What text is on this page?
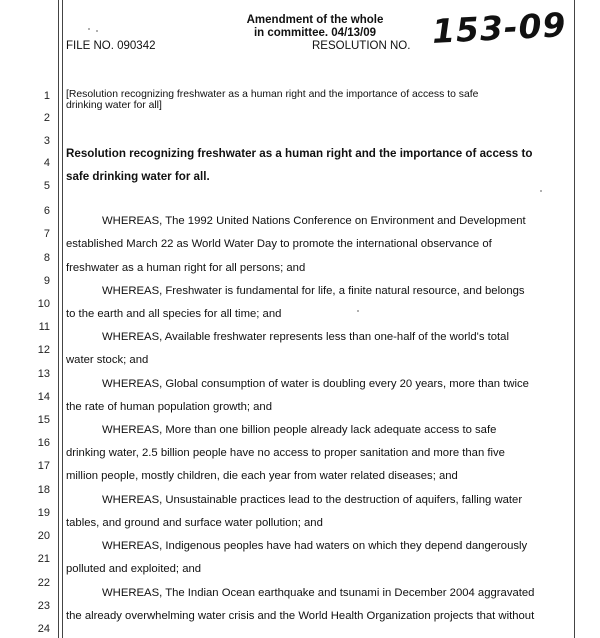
Amendment of the whole
in committee. 04/13/09
FILE NO. 090342	RESOLUTION NO. 153-09
1
2
3
4
5
6
7
8
9
10
11
12
13
14
15
16
17
18
19
20
21
22
23
24
[Resolution recognizing freshwater as a human right and the importance of access to safe
drinking water for all]
Resolution recognizing freshwater as a human right and the importance of access to
safe drinking water for all.
WHEREAS, The 1992 United Nations Conference on Environment and Development
established March 22 as World Water Day to promote the international observance of
freshwater as a human right for all persons; and
WHEREAS, Freshwater is fundamental for life, a finite natural resource, and belongs
to the earth and all species for all time; and
WHEREAS, Available freshwater represents less than one-half of the world's total
water stock; and
WHEREAS, Global consumption of water is doubling every 20 years, more than twice
the rate of human population growth; and
WHEREAS, More than one billion people already lack adequate access to safe
drinking water, 2.5 billion people have no access to proper sanitation and more than five
million people, mostly children, die each year from water related diseases; and
WHEREAS, Unsustainable practices lead to the destruction of aquifers, falling water
tables, and ground and surface water pollution; and
WHEREAS, Indigenous peoples have had waters on which they depend dangerously
polluted and exploited; and
WHEREAS, The Indian Ocean earthquake and tsunami in December 2004 aggravated
the already overwhelming water crisis and the World Health Organization projects that without
